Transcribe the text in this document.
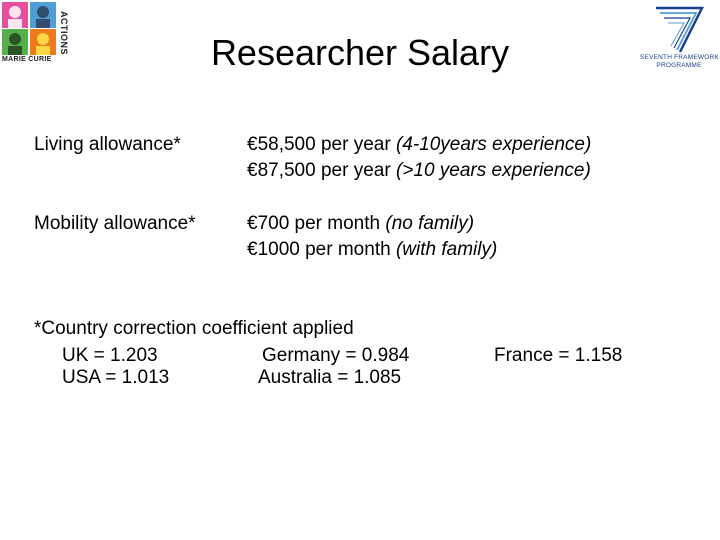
MARIE CURIE
ACTIONS
SEVENTH FRAMEWORK
PROGRAMME
Researcher Salary
Living allowance*	€58,500 per year (4-10years experience)
€87,500 per year (>10 years experience)
Mobility allowance*	€700 per month (no family)
€1000 per month (with family)
*Country correction coefficient applied
UK = 1.203	Germany = 0.984	France = 1.158
USA = 1.013	Australia = 1.085
